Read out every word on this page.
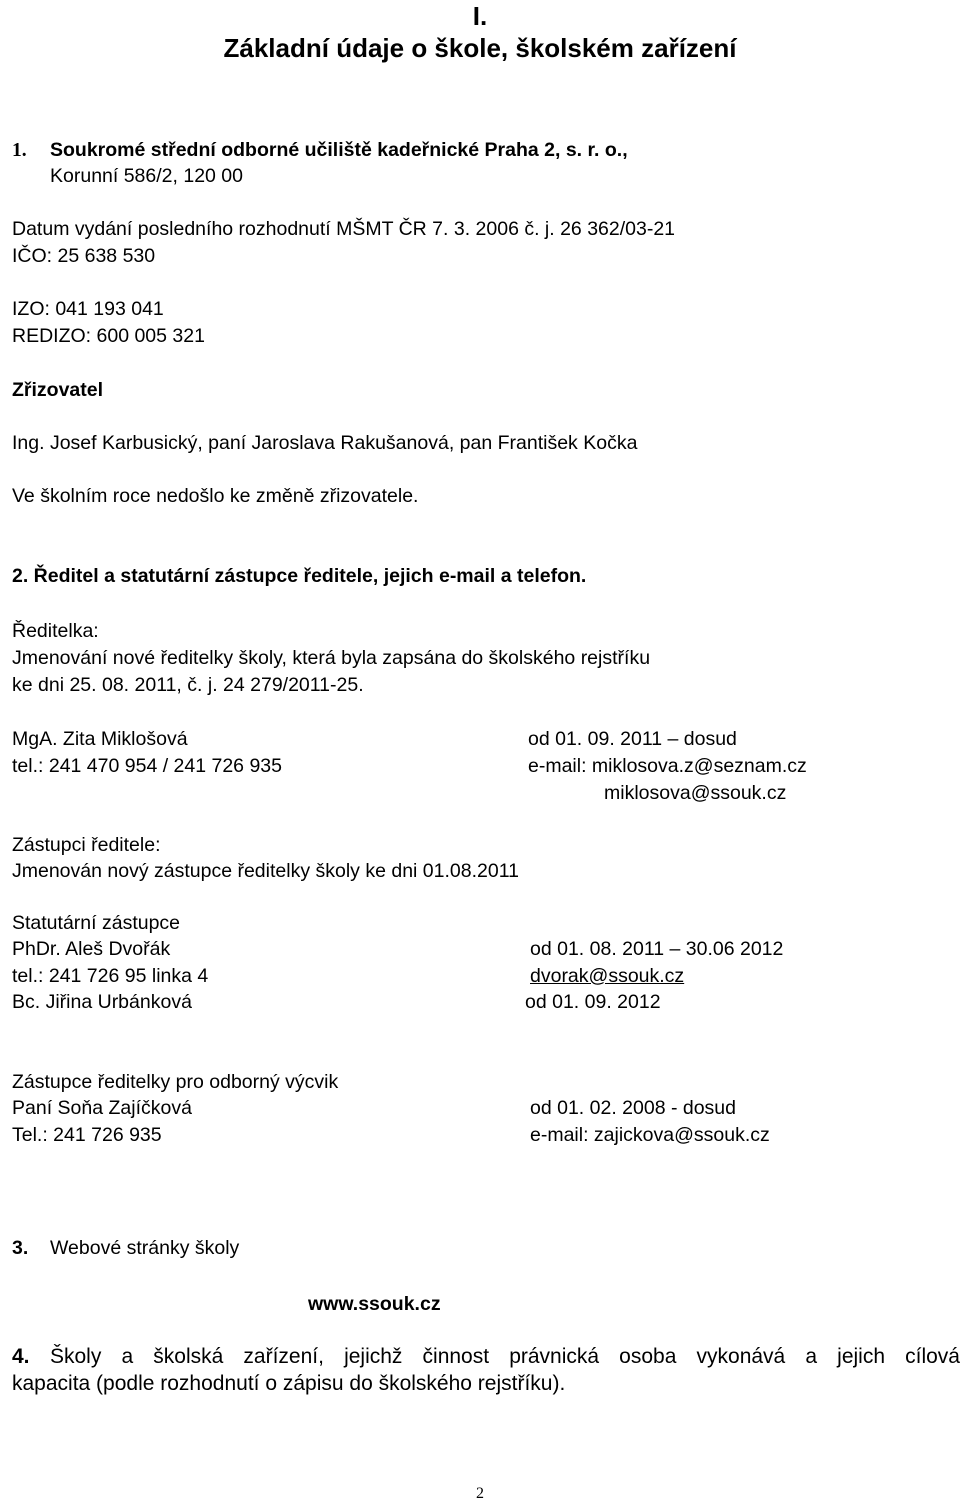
I.
Základní údaje o škole, školském zařízení
1. Soukromé střední odborné učiliště kadeřnické Praha 2, s. r. o.,
Korunní 586/2, 120 00
Datum vydání posledního rozhodnutí MŠMT ČR 7. 3. 2006 č. j. 26 362/03-21
IČO: 25 638 530
IZO: 041 193 041
REDIZO: 600 005 321
Zřizovatel
Ing. Josef Karbusický, paní Jaroslava Rakušanová, pan František Kočka
Ve školním roce nedošlo ke změně zřizovatele.
2. Ředitel a statutární zástupce ředitele, jejich e-mail a telefon.
Ředitelka:
Jmenování nové ředitelky školy, která byla zapsána do školského rejstříku
ke dni 25. 08. 2011, č. j. 24 279/2011-25.
MgA. Zita Miklošová	od 01. 09. 2011 – dosud
tel.: 241 470 954 / 241 726 935	e-mail: miklosova.z@seznam.cz
miklosova@ssouk.cz
Zástupci ředitele:
Jmenován nový zástupce ředitelky školy ke dni 01.08.2011
Statutární zástupce
PhDr. Aleš Dvořák	od 01. 08. 2011 – 30.06 2012
tel.: 241 726 95 linka 4	dvorak@ssouk.cz
Bc. Jiřina Urbánková	od 01. 09. 2012
Zástupce ředitelky pro odborný výcvik
Paní Soňa Zajíčková	od 01. 02. 2008 - dosud
Tel.: 241 726 935	e-mail: zajickova@ssouk.cz
3. Webové stránky školy
www.ssouk.cz
4. Školy a školská zařízení, jejichž činnost právnická osoba vykonává a jejich cílová
kapacita (podle rozhodnutí o zápisu do školského rejstříku).
2
